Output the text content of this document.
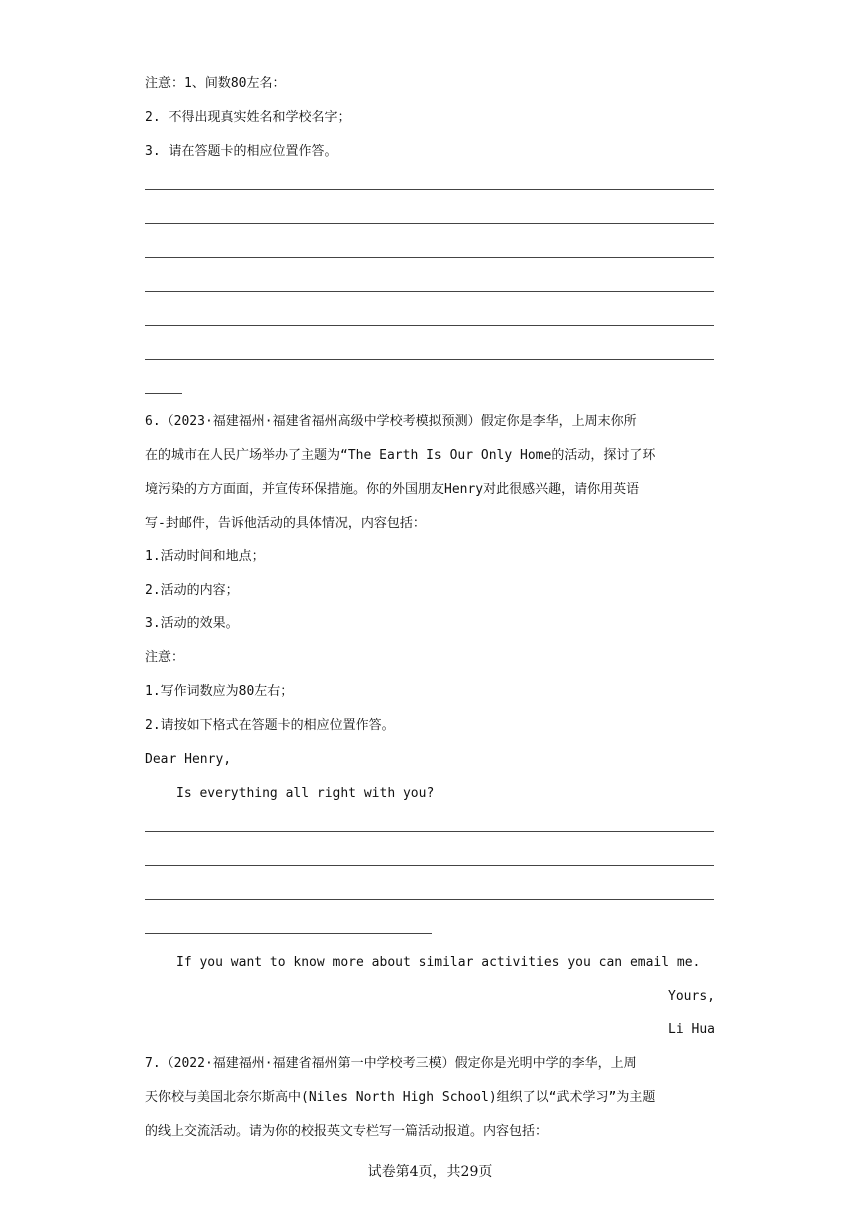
注意：1、间数80左名：
2. 不得出现真实姓名和学校名字；
3. 请在答题卡的相应位置作答。
6.（2023·福建福州·福建省福州高级中学校考模拟预测）假定你是李华，上周末你所
在的城市在人民广场举办了主题为“The Earth Is Our Only Home的活动，探讨了环
境污染的方方面面，并宣传环保措施。你的外国朋友Henry对此很感兴趣，请你用英语
写-封邮件，告诉他活动的具体情况，内容包括：
1.活动时间和地点；
2.活动的内容；
3.活动的效果。
注意：
1.写作词数应为80左右；
2.请按如下格式在答题卡的相应位置作答。
Dear Henry,
Is everything all right with you?
If you want to know more about similar activities you can email me.
Yours,
Li Hua
7.（2022·福建福州·福建省福州第一中学校考三模）假定你是光明中学的李华，上周
天你校与美国北奈尔斯高中(Niles North High School)组织了以“武术学习”为主题
的线上交流活动。请为你的校报英文专栏写一篇活动报道。内容包括：
试卷第4页，共29页
